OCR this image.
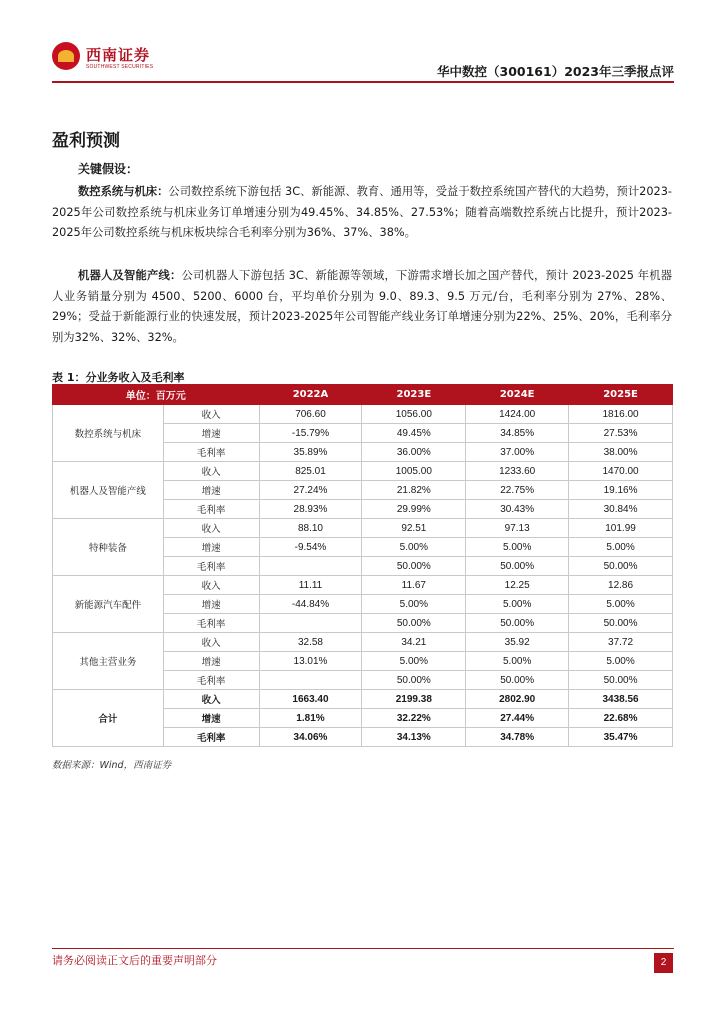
西南证券
SOUTHWEST SECURITIES	华中数控（300161）2023年三季报点评
盈利预测
关键假设：
数控系统与机床：公司数控系统下游包括 3C、新能源、教育、通用等，受益于数控系统国产替代的大趋势，预计2023-2025年公司数控系统与机床业务订单增速分别为49.45%、34.85%、27.53%；随着高端数控系统占比提升，预计2023-2025年公司数控系统与机床板块综合毛利率分别为36%、37%、38%。
机器人及智能产线：公司机器人下游包括 3C、新能源等领域，下游需求增长加之国产替代，预计 2023-2025 年机器人业务销量分别为 4500、5200、6000 台，平均单价分别为 9.0、89.3、9.5 万元/台，毛利率分别为 27%、28%、29%；受益于新能源行业的快速发展，预计2023-2025年公司智能产线业务订单增速分别为22%、25%、20%，毛利率分别为32%、32%、32%。
表 1：分业务收入及毛利率
单位：百万元		2022A	2023E	2024E	2025E
数控系统与机床	收入	706.60	1056.00	1424.00	1816.00
	增速	-15.79%	49.45%	34.85%	27.53%
	毛利率	35.89%	36.00%	37.00%	38.00%
机器人及智能产线	收入	825.01	1005.00	1233.60	1470.00
	增速	27.24%	21.82%	22.75%	19.16%
	毛利率	28.93%	29.99%	30.43%	30.84%
特种装备	收入	88.10	92.51	97.13	101.99
	增速	-9.54%	5.00%	5.00%	5.00%
	毛利率		50.00%	50.00%	50.00%
新能源汽车配件	收入	11.11	11.67	12.25	12.86
	增速	-44.84%	5.00%	5.00%	5.00%
	毛利率		50.00%	50.00%	50.00%
其他主营业务	收入	32.58	34.21	35.92	37.72
	增速	13.01%	5.00%	5.00%	5.00%
	毛利率		50.00%	50.00%	50.00%
合计	收入	1663.40	2199.38	2802.90	3438.56
	增速	1.81%	32.22%	27.44%	22.68%
	毛利率	34.06%	34.13%	34.78%	35.47%
数据来源：Wind，西南证券
请务必阅读正文后的重要声明部分	2
